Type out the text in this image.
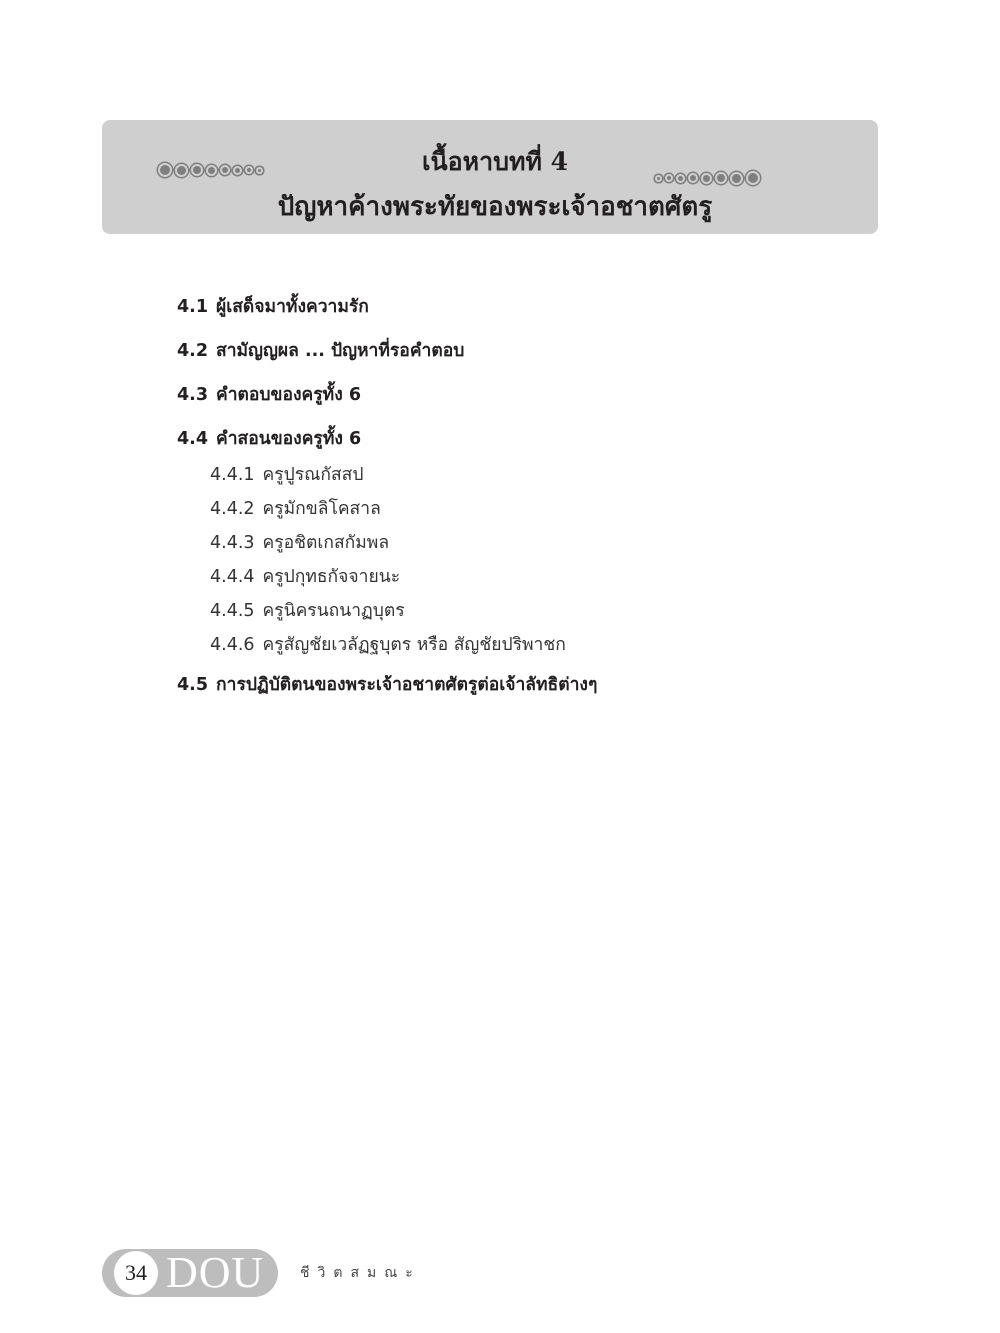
เนื้อหาบทที่ 4
ปัญหาค้างพระทัยของพระเจ้าอชาตศัตรู
4.1 ผู้เสด็จมาทั้งความรัก
4.2 สามัญญผล ... ปัญหาที่รอคำตอบ
4.3 คำตอบของครูทั้ง 6
4.4 คำสอนของครูทั้ง 6
4.4.1 ครูปูรณกัสสป
4.4.2 ครูมักขลิโคสาล
4.4.3 ครูอชิตเกสกัมพล
4.4.4 ครูปกุทธกัจจายนะ
4.4.5 ครูนิครนถนาฏบุตร
4.4.6 ครูสัญชัยเวลัฏฐบุตร หรือ สัญชัยปริพาชก
4.5 การปฏิบัติตนของพระเจ้าอชาตศัตรูต่อเจ้าลัทธิต่างๆ
34 DOU	ชีวิตสมณะ
